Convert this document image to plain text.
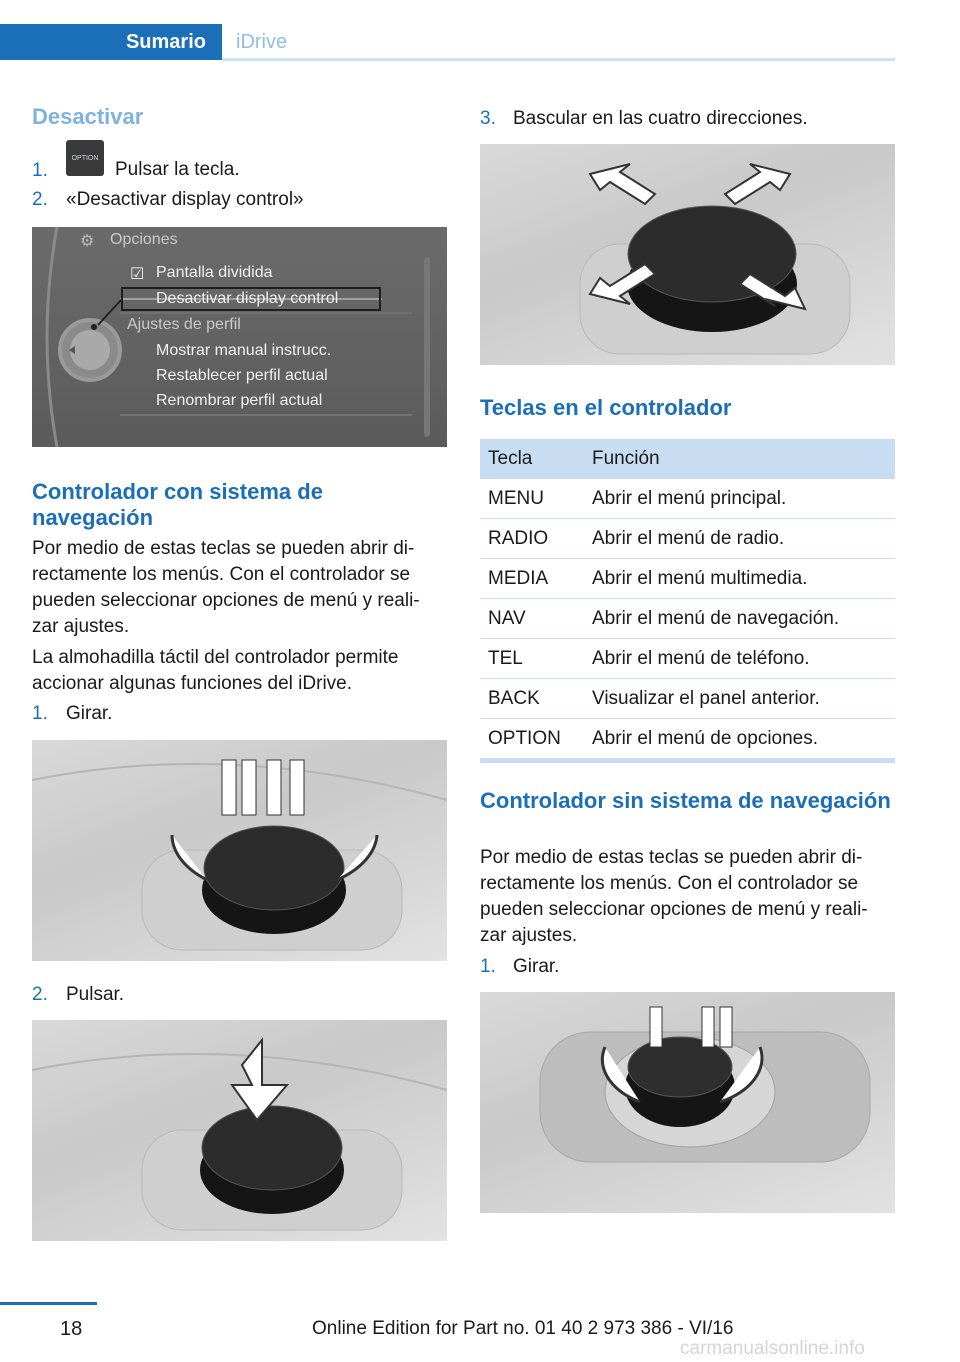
Sumario iDrive
Desactivar
1.
OPTION
Pulsar la tecla.
2. «Desactivar display control»
⚙ Opciones
☑ Pantalla dividida
Desactivar display control
Ajustes de perfil
Mostrar manual instrucc.
Restablecer perfil actual
Renombrar perfil actual
Controlador con sistema de navegación
Por medio de estas teclas se pueden abrir di‐ rectamente los menús. Con el controlador se pueden seleccionar opciones de menú y reali‐ zar ajustes.
La almohadilla táctil del controlador permite accionar algunas funciones del iDrive.
1. Girar.
2. Pulsar.
3. Bascular en las cuatro direcciones.
Teclas en el controlador
Tecla	Función
MENU	Abrir el menú principal.
RADIO	Abrir el menú de radio.
MEDIA	Abrir el menú multimedia.
NAV	Abrir el menú de navegación.
TEL	Abrir el menú de teléfono.
BACK	Visualizar el panel anterior.
OPTION	Abrir el menú de opciones.
Controlador sin sistema de navegación
Por medio de estas teclas se pueden abrir di‐ rectamente los menús. Con el controlador se pueden seleccionar opciones de menú y reali‐ zar ajustes.
1. Girar.
18	Online Edition for Part no. 01 40 2 973 386 - VI/16
carmanualsonline.info
